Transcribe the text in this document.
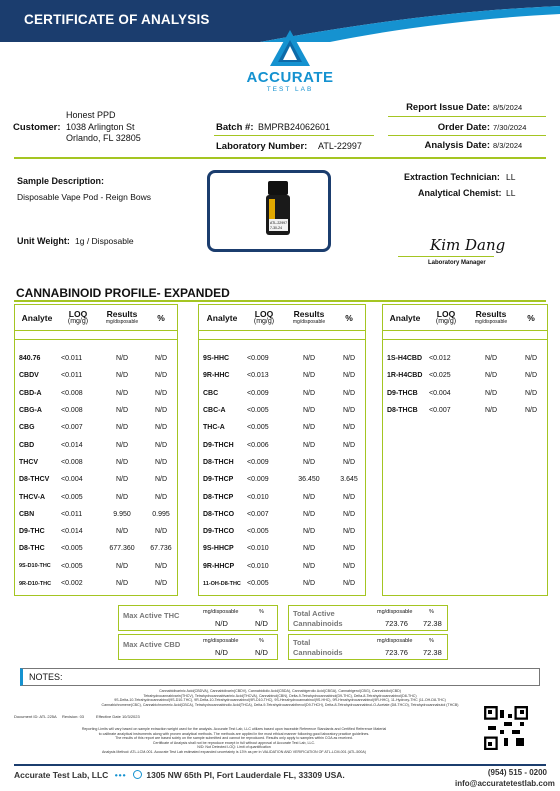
CERTIFICATE OF ANALYSIS
ACCURATE
TEST LAB
Customer:
Honest PPD
1038 Arlington St
Orlando, FL 32805
Batch #: BMPRB24062601
Laboratory Number: ATL-22997
Report Issue Date: 8/5/2024
Order Date: 7/30/2024
Analysis Date: 8/3/2024
Sample Description:
Disposable Vape Pod - Reign Bows
Unit Weight: 1g / Disposable
ATL-22997
7-30-24
Extraction Technician: LL
Analytical Chemist: LL
Kim Dang
Laboratory Manager
CANNABINOID PROFILE- EXPANDED
Analyte	LOQ
(mg/g)
Results
mg/disposable	%
840.76	<0.011	N/D	N/D
CBDV	<0.011	N/D	N/D
CBD-A	<0.008	N/D	N/D
CBG-A	<0.008	N/D	N/D
CBG	<0.007	N/D	N/D
CBD	<0.014	N/D	N/D
THCV	<0.008	N/D	N/D
D8-THCV	<0.004	N/D	N/D
THCV-A	<0.005	N/D	N/D
CBN	<0.011	9.950	0.995
D9-THC	<0.014	N/D	N/D
D8-THC	<0.005	677.360	67.736
9S-D10-THC	<0.005	N/D	N/D
9R-D10-THC	<0.002	N/D	N/D
Analyte	LOQ
(mg/g)
Results
mg/disposable	%
9S-HHC	<0.009	N/D	N/D
9R-HHC	<0.013	N/D	N/D
CBC	<0.009	N/D	N/D
CBC-A	<0.005	N/D	N/D
THC-A	<0.005	N/D	N/D
D9-THCH	<0.006	N/D	N/D
D8-THCH	<0.009	N/D	N/D
D9-THCP	<0.009	36.450	3.645
D8-THCP	<0.010	N/D	N/D
D8-THCO	<0.007	N/D	N/D
D9-THCO	<0.005	N/D	N/D
9S-HHCP	<0.010	N/D	N/D
9R-HHCP	<0.010	N/D	N/D
11-OH-D8-THC <0.005	N/D	N/D
Analyte	LOQ
(mg/g)
Results
mg/disposable	%
1S-H4CBD <0.012	N/D	N/D
1R-H4CBD <0.025	N/D	N/D
D9-THCB	<0.004	N/D	N/D
D8-THCB	<0.007	N/D	N/D
Max Active THC	mg/disposable	%
N/D	N/D
Max Active CBD	mg/disposable	%
N/D	N/D
Total Active
Cannabinoids
mg/disposable	%
723.76 72.38
Total
Cannabinoids
mg/disposable	%
723.76 72.38
NOTES:
Cannabidivarinic Acid(CBDVA), Cannabidivarin(CBDV), Cannabidiolic Acid(CBDA), Cannabigerolic Acid(CBGA), Cannabigerol(CBG), Cannabidiol(CBD)
Tetrahydrocannabivarin(THCV), Tetrahydrocannabivarinic Acid(THCVA), Cannabinol(CBN), Delta-9-Tetrahydrocannabinol(D9-THC), Delta-8-Tetrahydrocannabinol(D8-THC)
9S-Delta-10-Tetrahydrocannabinol(9S-D10-THC), 9R-Delta-10-Tetrahydrocannabinol(9R-D10-THC), 9S-Hexahydrocannabinol(9S-HHC), 9R-Hexahydrocannabinol(9R-HHC), 11-Hydroxy-THC (11-OH-D8-THC)
Cannabichromene(CBC), Cannabichromenic Acid(CBCA), Tetrahydrocannabinolic Acid(THCA), Delta-9-Tetrahydrocannabihexol(D9-THCH), Delta-8-Tetrahydrocannabinol-O-Acetate (D8-THCO), Tetrahydrocannabutol (THCB)
Document ID: ATL 225A Revision: 03	Effective Date 10/3/2023
Reporting Limits will vary based on sample extraction weight used for the analysis. Accurate Test Lab, LLC utilizes based upon traceable Reference Standards and Certified Reference Material
to calibrate analytical instruments along with proven analytical methods. The methods are applied in the most ethical manner following good laboratory practice guidelines.
The results of this report are based solely on the sample submitted and cannot be reproduced. Results only apply to samples within COA as received.
Certificate of Analysis shall not be reproduce except in full without approval of Accurate Test Lab, LLC.
N/D: Not Detected LOQ: Limit of quantification
Analysis Method: ATL-LCM-001. Accurate Test Lab estimated expanded uncertainty is 13% as per in VALIDATION AND VERIFICATION OF ATL-LCM-001 (ATL-500A)
Accurate Test Lab, LLC ••• 1305 NW 65th Pl, Fort Lauderdale FL, 33309 USA.	(954) 515 - 0200
info@accuratetestlab.com
